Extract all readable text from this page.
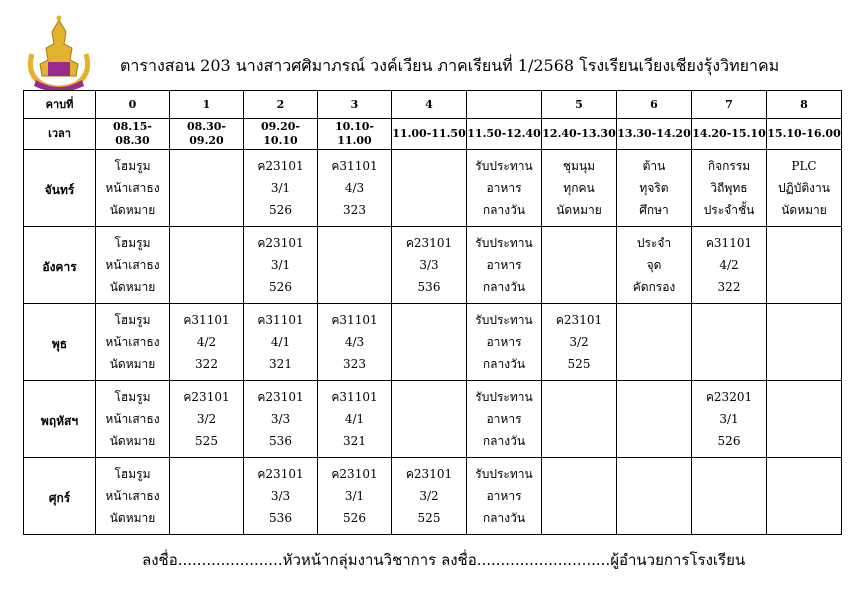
ตารางสอน 203 นางสาวศศิมาภรณ์ วงค์เวียน ภาคเรียนที่ 1/2568 โรงเรียนเวียงเชียงรุ้งวิทยาคม
คาบที่	0	1	2	3	4		5	6	7	8
เวลา	08.15-08.30	08.30-09.20	09.20-10.10	10.10-11.00	11.00-11.50	11.50-12.40	12.40-13.30	13.30-14.20	14.20-15.10	15.10-16.00

จันทร์	โฮมรูม
หน้าเสาธง
นัดหมาย		ค23101
3/1
526	ค31101
4/3
323		รับประทาน
อาหาร
กลางวัน	ชุมนุม
ทุกคน
นัดหมาย	ต้าน
ทุจริต
ศึกษา	กิจกรรม
วิถีพุทธ
ประจำชั้น	PLC
ปฏิบัติงาน
นัดหมาย

อังคาร	โฮมรูม
หน้าเสาธง
นัดหมาย		ค23101
3/1
526		ค23101
3/3
536	รับประทาน
อาหาร
กลางวัน		ประจำ
จุด
คัดกรอง	ค31101
4/2
322	

พุธ	โฮมรูม
หน้าเสาธง
นัดหมาย	ค31101
4/2
322	ค31101
4/1
321	ค31101
4/3
323		รับประทาน
อาหาร
กลางวัน	ค23101
3/2
525			

พฤหัสฯ	โฮมรูม
หน้าเสาธง
นัดหมาย	ค23101
3/2
525	ค23101
3/3
536	ค31101
4/1
321		รับประทาน
อาหาร
กลางวัน			ค23201
3/1
526	

ศุกร์	โฮมรูม
หน้าเสาธง
นัดหมาย		ค23101
3/3
536	ค23101
3/1
526	ค23101
3/2
525	รับประทาน
อาหาร
กลางวัน				

ลงชื่อ......................หัวหน้ากลุ่มงานวิชาการ ลงชื่อ............................ผู้อำนวยการโรงเรียน
